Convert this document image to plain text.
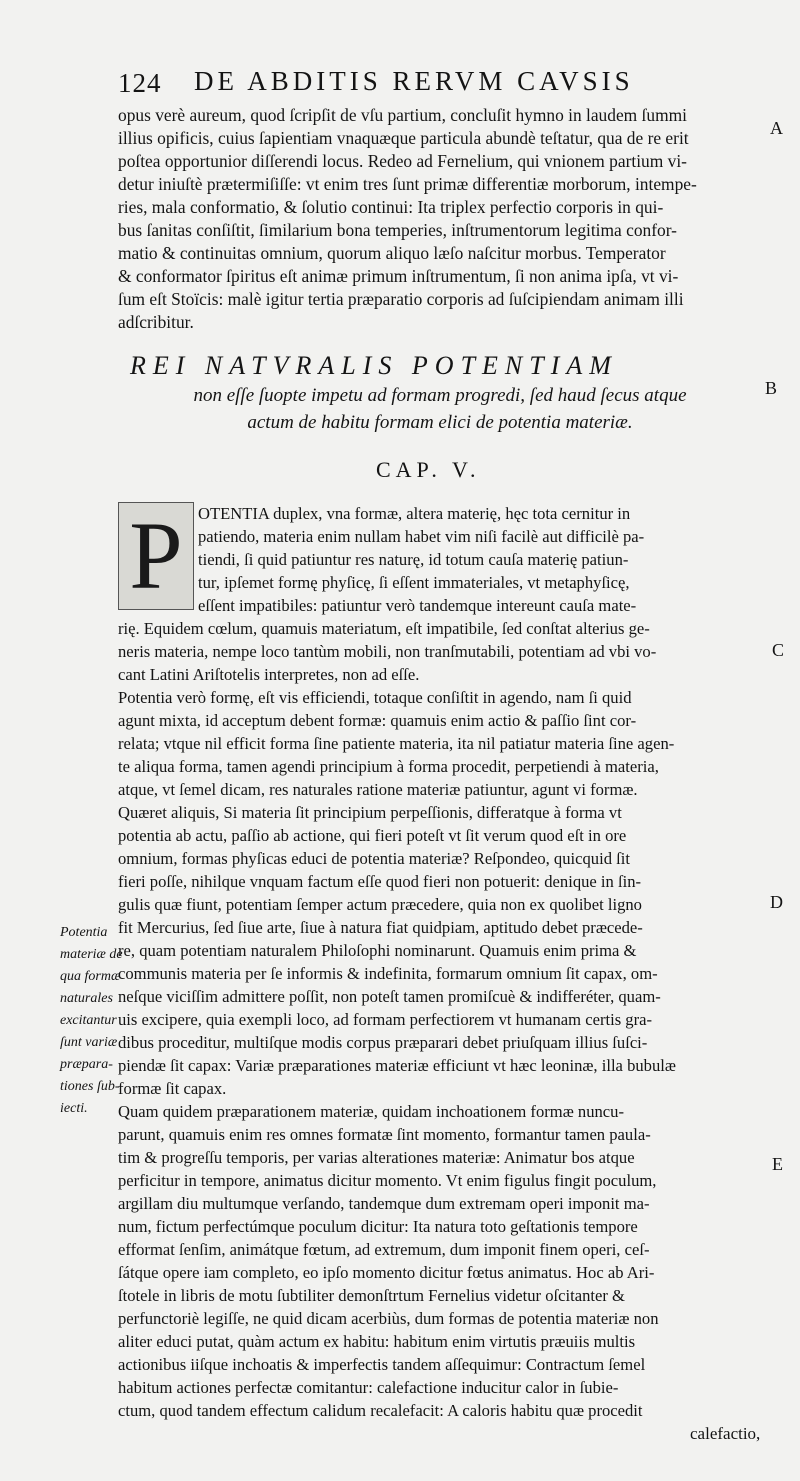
124 DE ABDITIS RERVM CAVSIS
opus verè aureum, quod ſcripſit de vſu partium, concluſit hymno in laudem ſummi
illius opificis, cuius ſapientiam vnaquæque particula abundè teſtatur, qua de re erit
poſtea opportunior diſſerendi locus. Redeo ad Fernelium, qui vnionem partium vi-
detur iniuſtè prætermiſiſſe: vt enim tres ſunt primæ differentiæ morborum, intempe-
ries, mala conformatio, & ſolutio continui: Ita triplex perfectio corporis in qui-
bus ſanitas conſiſtit, ſimilarium bona temperies, inſtrumentorum legitima confor-
matio & continuitas omnium, quorum aliquo læſo naſcitur morbus. Temperator
& conformator ſpiritus eſt animæ primum inſtrumentum, ſi non anima ipſa, vt vi-
ſum eſt Stoïcis: malè igitur tertia præparatio corporis ad ſuſcipiendam animam illi
adſcribitur.
REI NATVRALIS POTENTIAM
non eſſe ſuopte impetu ad formam progredi, ſed haud ſecus atque
actum de habitu formam elici de potentia materiæ.
CAP. V.
P OTENTIA duplex, vna formæ, altera materię, hęc tota cernitur in
patiendo, materia enim nullam habet vim niſi facilè aut difficilè pa-
tiendi, ſi quid patiuntur res naturę, id totum cauſa materię patiun-
tur, ipſemet formę phyſicę, ſi eſſent immateriales, vt metaphyſicę,
eſſent impatibiles: patiuntur verò tandemque intereunt cauſa mate-
rię. Equidem cœlum, quamuis materiatum, eſt impatibile, ſed conſtat alterius ge-
neris materia, nempe loco tantùm mobili, non tranſmutabili, potentiam ad vbi vo-
cant Latini Ariſtotelis interpretes, non ad eſſe.
Potentia verò formę, eſt vis efficiendi, totaque conſiſtit in agendo, nam ſi quid
agunt mixta, id acceptum debent formæ: quamuis enim actio & paſſio ſint cor-
relata; vtque nil efficit forma ſine patiente materia, ita nil patiatur materia ſine agen-
te aliqua forma, tamen agendi principium à forma procedit, perpetiendi à materia,
atque, vt ſemel dicam, res naturales ratione materiæ patiuntur, agunt vi formæ.
Quæret aliquis, Si materia ſit principium perpeſſionis, differatque à forma vt
potentia ab actu, paſſio ab actione, qui fieri poteſt vt ſit verum quod eſt in ore
omnium, formas phyſicas educi de potentia materiæ? Reſpondeo, quicquid ſit
fieri poſſe, nihilque vnquam factum eſſe quod fieri non potuerit: denique in ſin-
gulis quæ fiunt, potentiam ſemper actum præcedere, quia non ex quolibet ligno
fit Mercurius, ſed ſiue arte, ſiue à natura fiat quidpiam, aptitudo debet præcede-
re, quam potentiam naturalem Philoſophi nominarunt. Quamuis enim prima &
communis materia per ſe informis & indefinita, formarum omnium ſit capax, om-
neſque viciſſim admittere poſſit, non poteſt tamen promiſcuè & indifferéter, quam-
uis excipere, quia exempli loco, ad formam perfectiorem vt humanam certis gra-
dibus proceditur, multiſque modis corpus præparari debet priuſquam illius ſuſci-
piendæ ſit capax: Variæ præparationes materiæ efficiunt vt hæc leoninæ, illa bubulæ
formæ ſit capax.
Quam quidem præparationem materiæ, quidam inchoationem formæ nuncu-
parunt, quamuis enim res omnes formatæ ſint momento, formantur tamen paula-
tim & progreſſu temporis, per varias alterationes materiæ: Animatur bos atque
perficitur in tempore, animatus dicitur momento. Vt enim figulus fingit poculum,
argillam diu multumque verſando, tandemque dum extremam operi imponit ma-
num, fictum perfectúmque poculum dicitur: Ita natura toto geſtationis tempore
efformat ſenſim, animátque fœtum, ad extremum, dum imponit finem operi, ceſ-
ſátque opere iam completo, eo ipſo momento dicitur fœtus animatus. Hoc ab Ari-
ſtotele in libris de motu ſubtiliter demonſtrtum Fernelius videtur oſcitanter &
perfunctoriè legiſſe, ne quid dicam acerbiùs, dum formas de potentia materiæ non
aliter educi putat, quàm actum ex habitu: habitum enim virtutis præuiis multis
actionibus iiſque inchoatis & imperfectis tandem aſſequimur: Contractum ſemel
habitum actiones perfectæ comitantur: calefactione inducitur calor in ſubie-
ctum, quod tandem effectum calidum recalefacit: A caloris habitu quæ procedit
Potentia
materiæ de
qua formæ
naturales
excitantur
ſunt variæ
præpara-
tiones ſub-
iecti.
A
B
C
D
E
calefactio,
